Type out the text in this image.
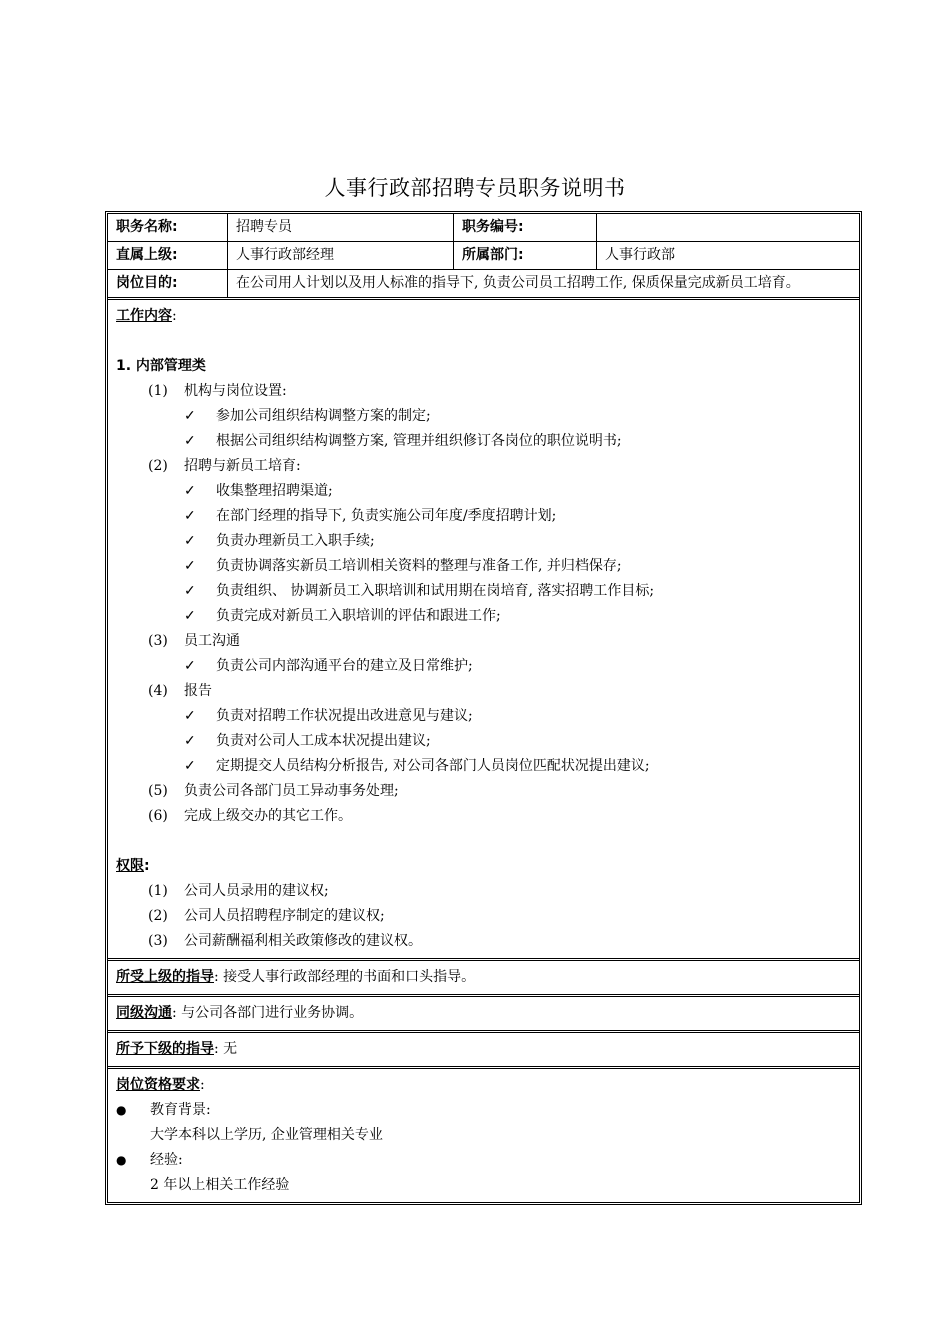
人事行政部招聘专员职务说明书
职务名称:	招聘专员	职务编号:
直属上级:	人事行政部经理	所属部门:	人事行政部
岗位目的:	在公司用人计划以及用人标准的指导下, 负责公司员工招聘工作, 保质保量完成新员工培育。
工作内容:
1. 内部管理类
(1)	机构与岗位设置:
✓	参加公司组织结构调整方案的制定;
✓	根据公司组织结构调整方案, 管理并组织修订各岗位的职位说明书;
(2)	招聘与新员工培育:
✓	收集整理招聘渠道;
✓	在部门经理的指导下, 负责实施公司年度/季度招聘计划;
✓	负责办理新员工入职手续;
✓	负责协调落实新员工培训相关资料的整理与准备工作, 并归档保存;
✓	负责组织、 协调新员工入职培训和试用期在岗培育, 落实招聘工作目标;
✓	负责完成对新员工入职培训的评估和跟进工作;
(3)	员工沟通
✓	负责公司内部沟通平台的建立及日常维护;
(4)	报告
✓	负责对招聘工作状况提出改进意见与建议;
✓	负责对公司人工成本状况提出建议;
✓	定期提交人员结构分析报告, 对公司各部门人员岗位匹配状况提出建议;
(5)	负责公司各部门员工异动事务处理;
(6)	完成上级交办的其它工作。
权限:
(1)	公司人员录用的建议权;
(2)	公司人员招聘程序制定的建议权;
(3)	公司薪酬福利相关政策修改的建议权。
所受上级的指导: 接受人事行政部经理的书面和口头指导。
同级沟通: 与公司各部门进行业务协调。
所予下级的指导: 无
岗位资格要求:
●	教育背景:
大学本科以上学历, 企业管理相关专业
●	经验:
2 年以上相关工作经验
